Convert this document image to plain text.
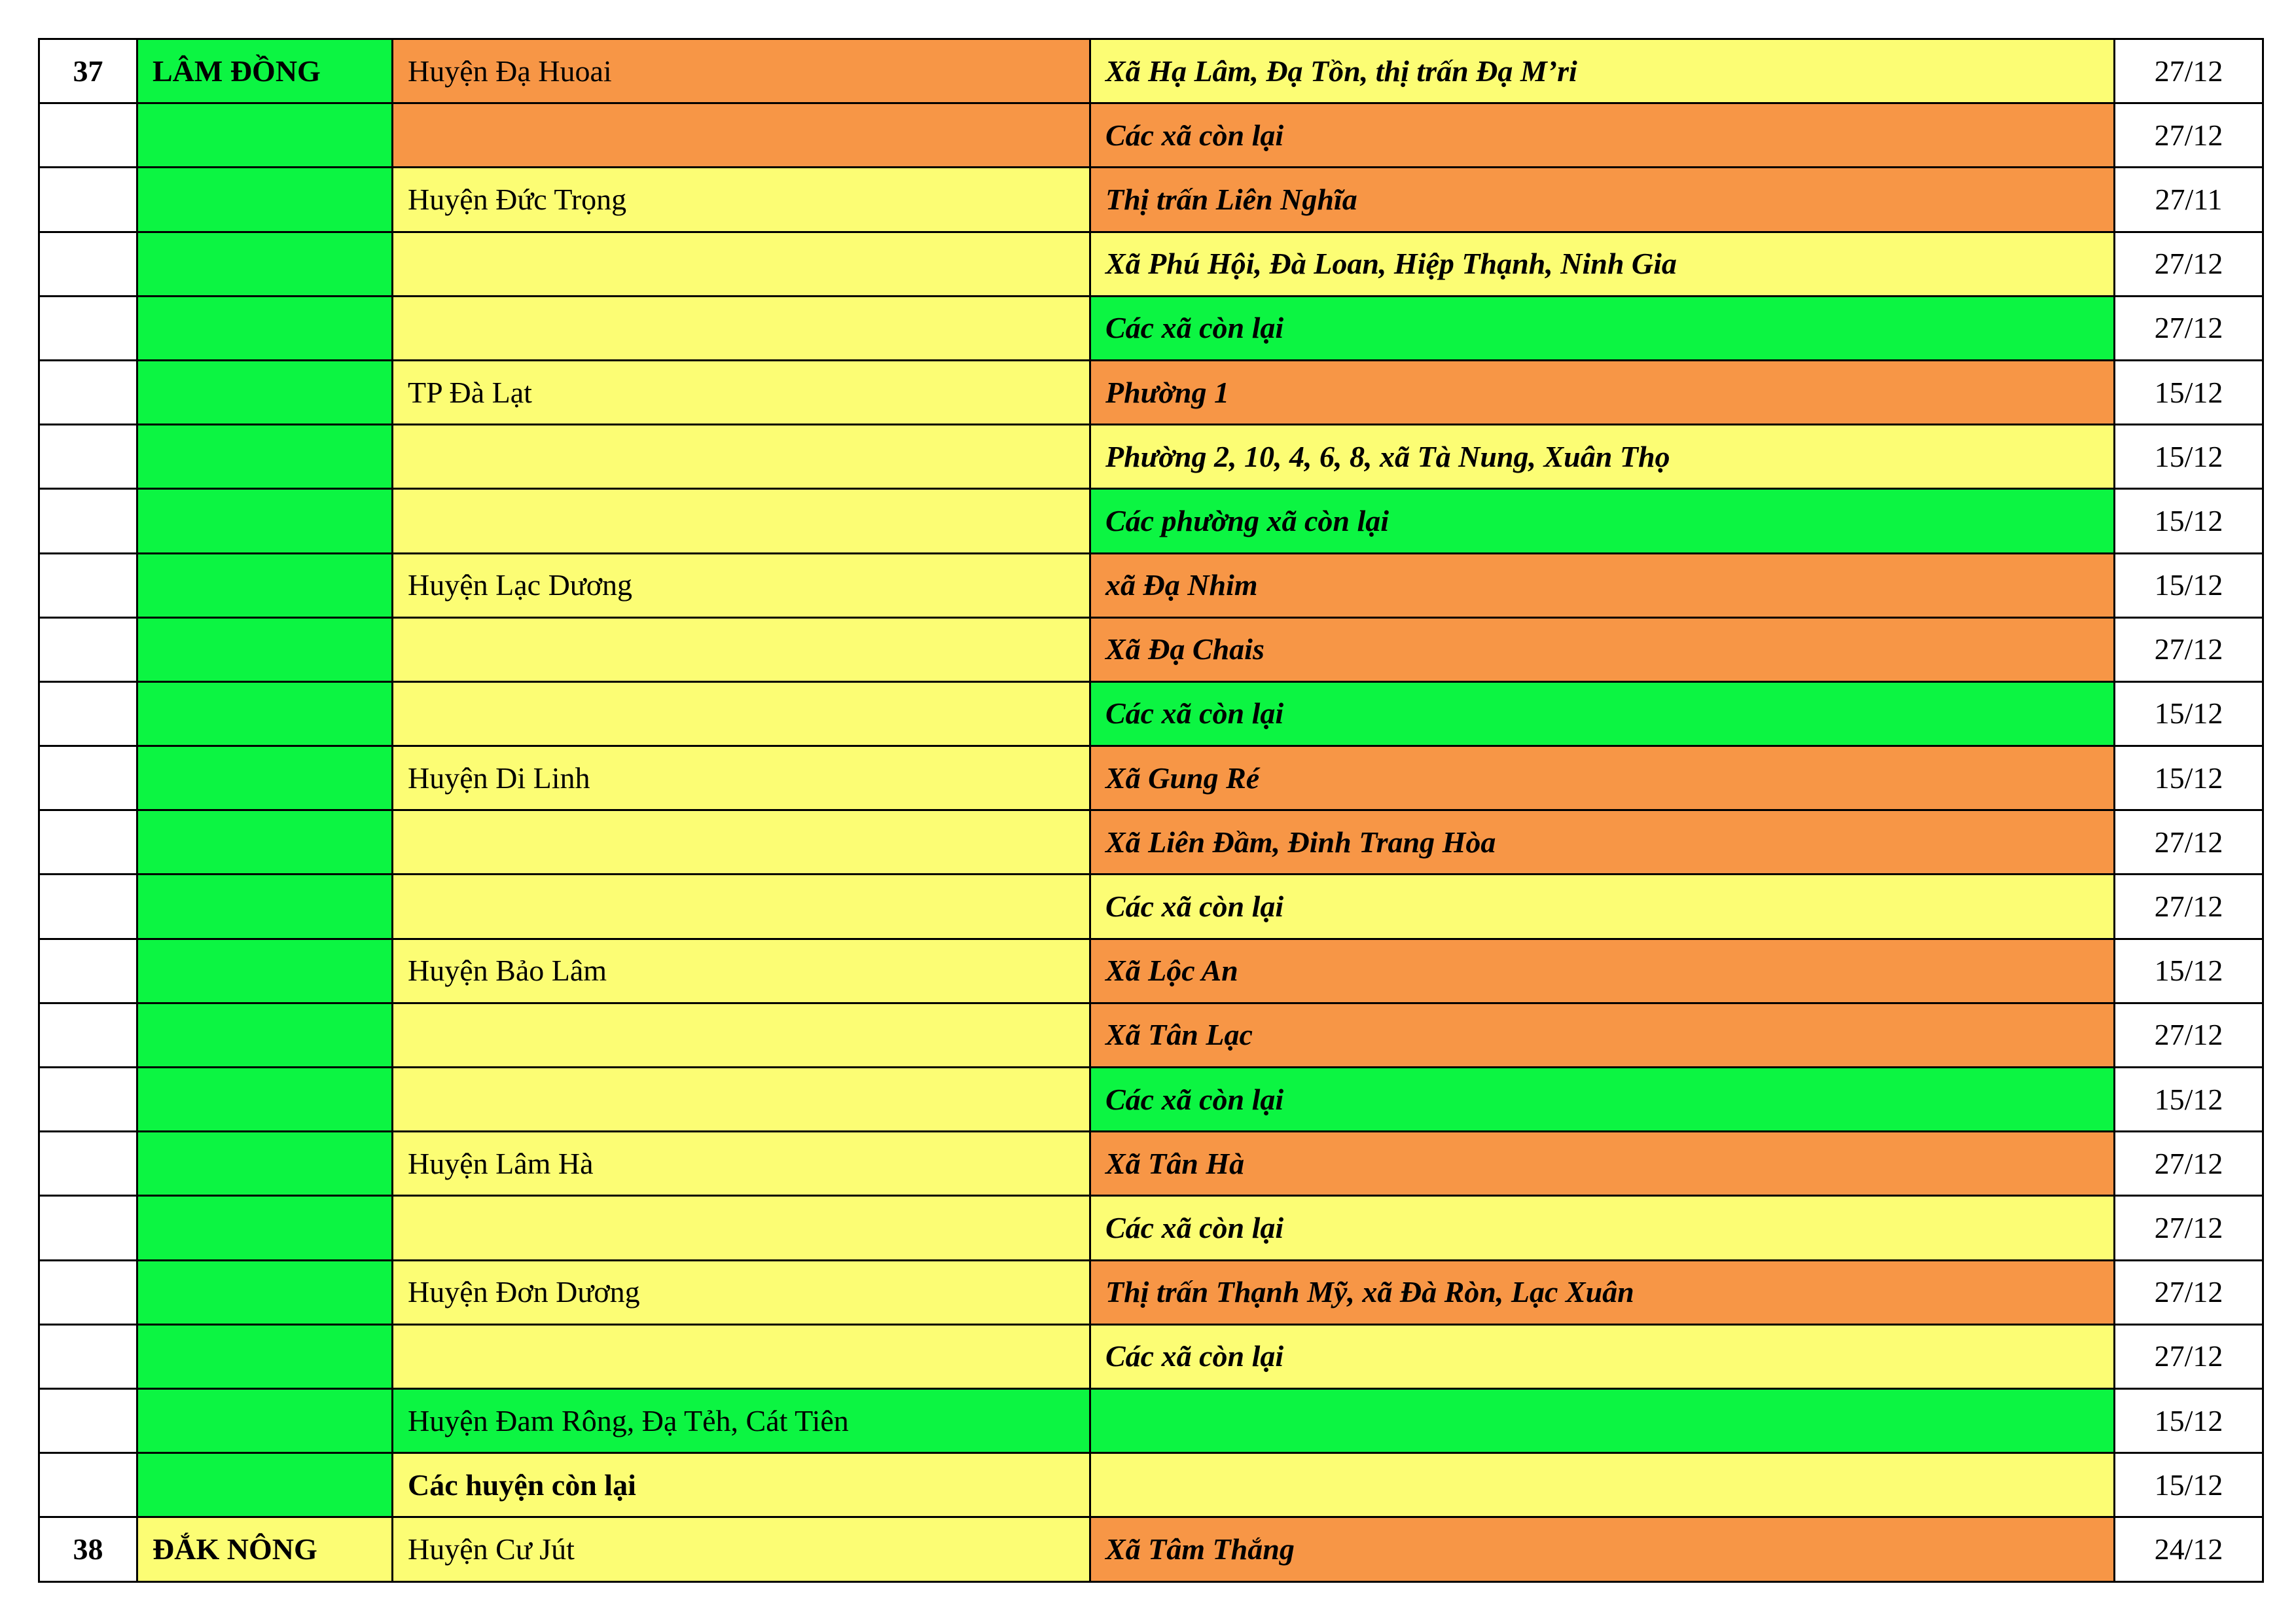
37	LÂM ĐỒNG	Huyện Đạ Huoai	Xã Hạ Lâm, Đạ Tồn, thị trấn Đạ M’ri	27/12
			Các xã còn lại	27/12
		Huyện Đức Trọng	Thị trấn Liên Nghĩa	27/11
			Xã Phú Hội, Đà Loan, Hiệp Thạnh, Ninh Gia	27/12
			Các xã còn lại	27/12
		TP Đà Lạt	Phường 1	15/12
			Phường 2, 10, 4, 6, 8, xã Tà Nung, Xuân Thọ	15/12
			Các phường xã còn lại	15/12
		Huyện Lạc Dương	xã Đạ Nhim	15/12
			Xã Đạ Chais	27/12
			Các xã còn lại	15/12
		Huyện Di Linh	Xã Gung Ré	15/12
			Xã Liên Đầm, Đinh Trang Hòa	27/12
			Các xã còn lại	27/12
		Huyện Bảo Lâm	Xã Lộc An	15/12
			Xã Tân Lạc	27/12
			Các xã còn lại	15/12
		Huyện Lâm Hà	Xã Tân Hà	27/12
			Các xã còn lại	27/12
		Huyện Đơn Dương	Thị trấn Thạnh Mỹ, xã Đà Ròn, Lạc Xuân	27/12
			Các xã còn lại	27/12
		Huyện Đam Rông, Đạ Tẻh, Cát Tiên		15/12
		Các huyện còn lại		15/12
38	ĐẮK NÔNG	Huyện Cư Jút	Xã Tâm Thắng	24/12
